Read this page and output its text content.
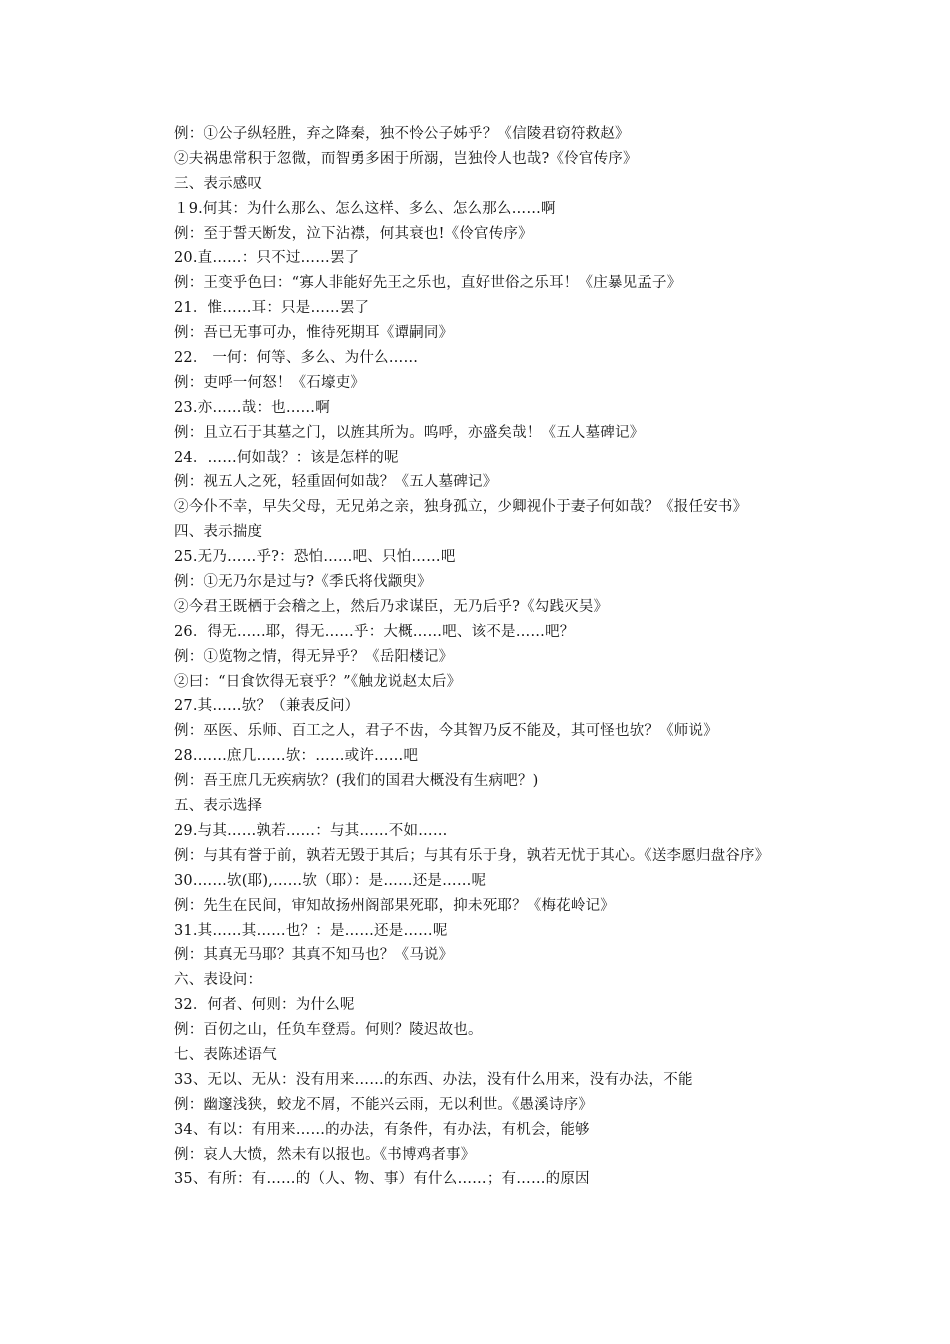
例：①公子纵轻胜，弃之降秦，独不怜公子姊乎？《信陵君窃符救赵》
②夫祸患常积于忽微，而智勇多困于所溺，岂独伶人也哉?《伶官传序》
三、表示感叹
１9.何其：为什么那么、怎么这样、多么、怎么那么……啊
例：至于誓天断发，泣下沾襟，何其衰也!《伶官传序》
20.直……：只不过……罢了
例：王变乎色曰：“寡人非能好先王之乐也，直好世俗之乐耳！《庄暴见孟子》
21．惟……耳：只是……罢了
例：吾已无事可办，惟待死期耳《谭嗣同》
22． 一何：何等、多么、为什么……
例：吏呼一何怒！《石壕吏》
23.亦……哉：也……啊
例：且立石于其墓之门，以旌其所为。呜呼，亦盛矣哉！《五人墓碑记》
24．……何如哉？：该是怎样的呢
例：视五人之死，轻重固何如哉？《五人墓碑记》
②今仆不幸，早失父母，无兄弟之亲，独身孤立，少卿视仆于妻子何如哉？《报任安书》
四、表示揣度
25.无乃……乎?：恐怕……吧、只怕……吧
例：①无乃尔是过与?《季氏将伐颛臾》
②今君王既栖于会稽之上，然后乃求谋臣，无乃后乎?《勾践灭吴》
26．得无......耶，得无……乎：大概……吧、该不是……吧？
例：①览物之情，得无异乎？《岳阳楼记》
②曰：“日食饮得无衰乎？”《触龙说赵太后》
27.其……欤？（兼表反问）
例：巫医、乐师、百工之人，君子不齿，今其智乃反不能及，其可怪也欤？《师说》
28.……庶几……欤：……或许……吧
例：吾王庶几无疾病欤？(我们的国君大概没有生病吧？)
五、表示选择
29.与其……孰若……：与其……不如……
例：与其有誉于前，孰若无毁于其后；与其有乐于身，孰若无忧于其心。《送李愿归盘谷序》
30.……欤(耶),……欤（耶）：是……还是……呢
例：先生在民间，审知故扬州阁部果死耶，抑未死耶？《梅花岭记》
31.其……其……也？：是……还是……呢
例：其真无马耶？其真不知马也？《马说》
六、表设问：
32．何者、何则：为什么呢
例：百仞之山，任负车登焉。何则？陵迟故也。
七、表陈述语气
33、无以、无从：没有用来……的东西、办法，没有什么用来，没有办法，不能
例：幽邃浅狭，蛟龙不屑，不能兴云雨，无以利世。《愚溪诗序》
34、有以：有用来……的办法，有条件，有办法，有机会，能够
例：哀人大愤，然未有以报也。《书博鸡者事》
35、有所：有……的（人、物、事）有什么……；有……的原因
